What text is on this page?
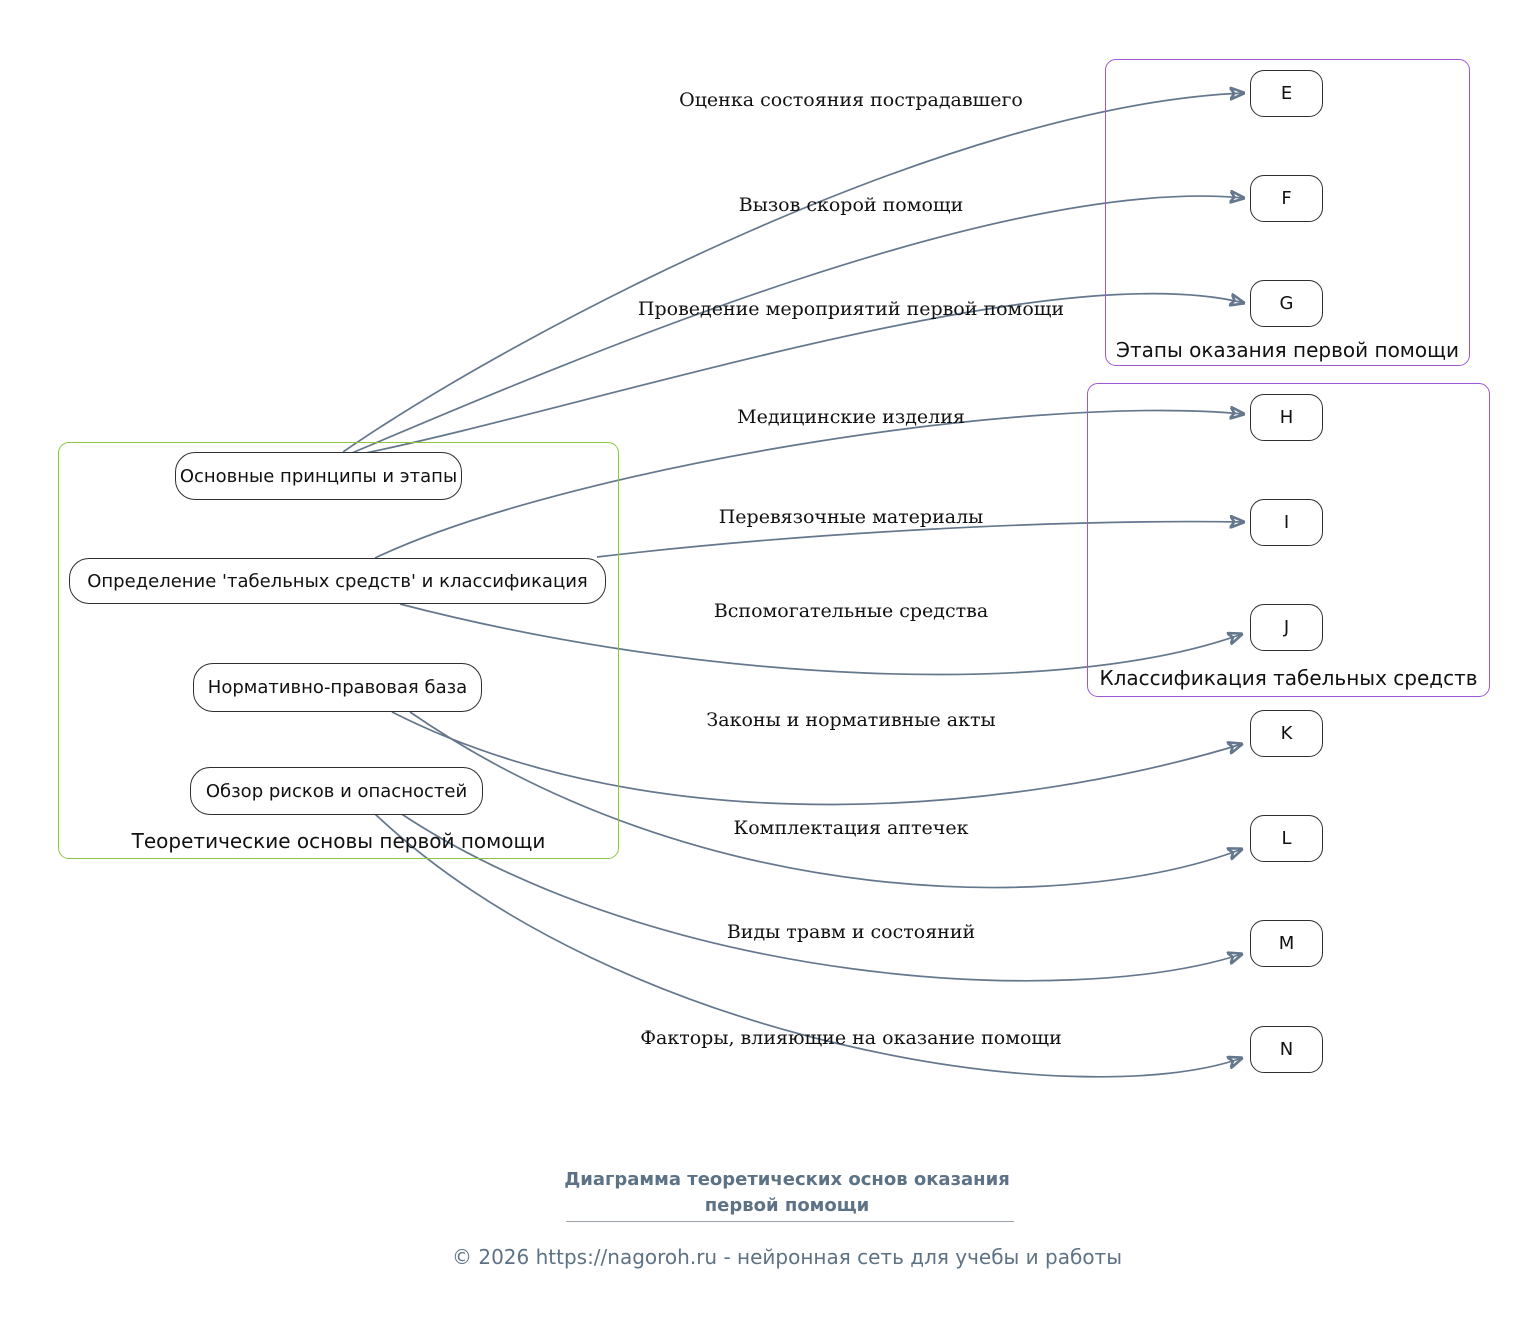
Теоретические основы первой помощи
Этапы оказания первой помощи
Классификация табельных средств
Основные принципы и этапы
Определение 'табельных средств' и классификация
Нормативно-правовая база
Обзор рисков и опасностей
E
F
G
H
I
J
K
L
M
N
Оценка состояния пострадавшего
Вызов скорой помощи
Проведение мероприятий первой помощи
Медицинские изделия
Перевязочные материалы
Вспомогательные средства
Законы и нормативные акты
Комплектация аптечек
Виды травм и состояний
Факторы, влияющие на оказание помощи
Диаграмма теоретических основ оказания первой помощи
© 2026 https://nagoroh.ru - нейронная сеть для учебы и работы
